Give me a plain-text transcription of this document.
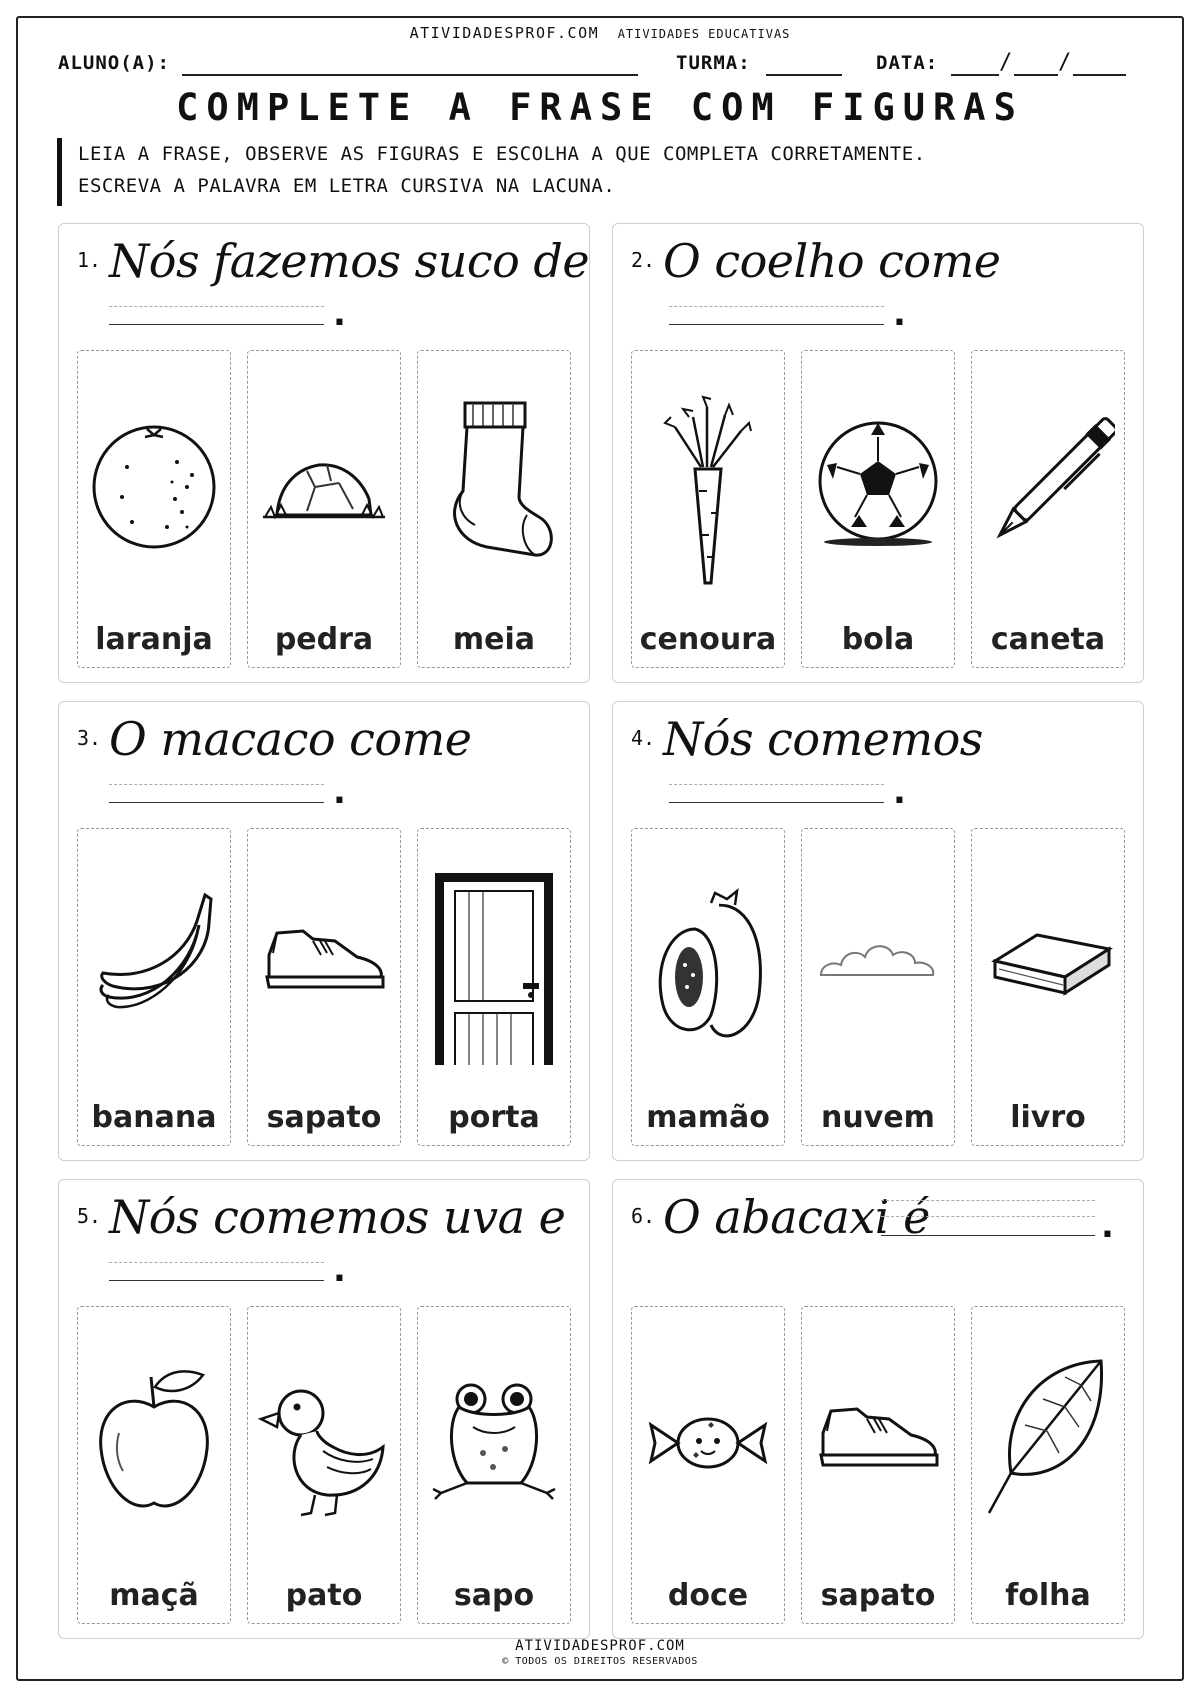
ATIVIDADESPROF.COM ATIVIDADES EDUCATIVAS
ALUNO(A):	TURMA:	DATA:	/ /
COMPLETE A FRASE COM FIGURAS
LEIA A FRASE, OBSERVE AS FIGURAS E ESCOLHA A QUE COMPLETA CORRETAMENTE.
ESCREVA A PALAVRA EM LETRA CURSIVA NA LACUNA.
1. Nós fazemos suco de
.
laranja	pedra	meia
2. O coelho come
.
cenoura	bola	caneta
3. O macaco come
.
banana	sapato	porta
4. Nós comemos
.
mamão	nuvem	livro
5. Nós comemos uva e
.
maçã	pato	sapo
6. O abacaxi é	.
doce	sapato	folha
ATIVIDADESPROF.COM
© TODOS OS DIREITOS RESERVADOS
